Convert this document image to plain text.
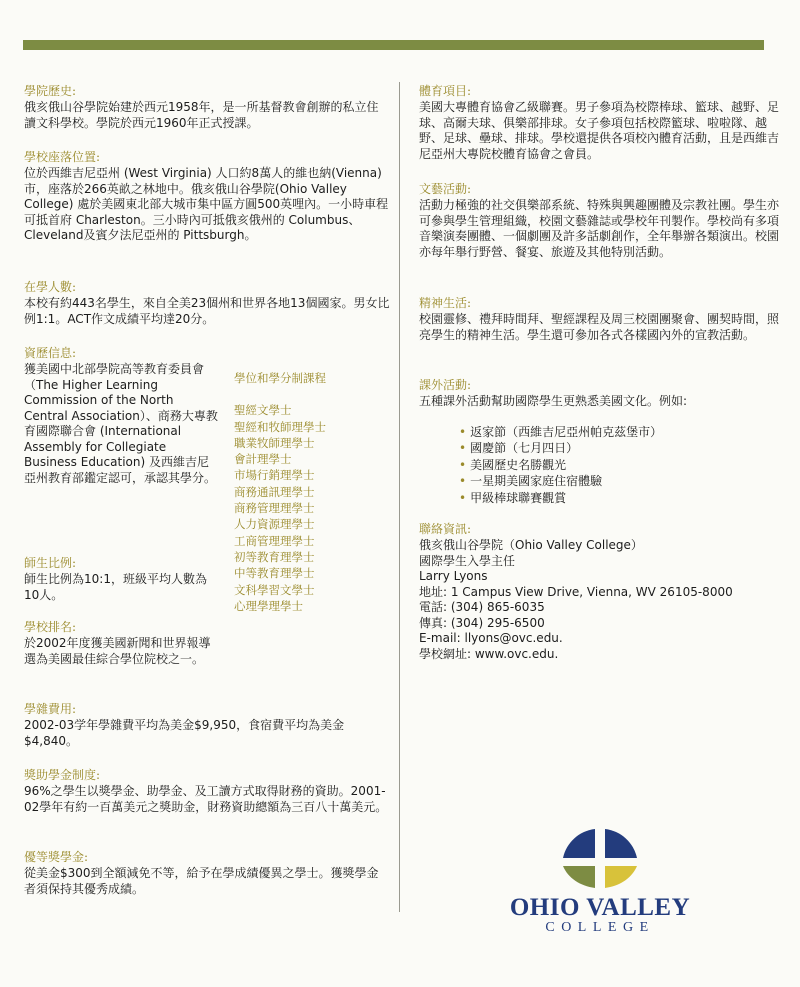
學院歷史:

俄亥俄山谷學院始建於西元1958年，是一所基督教會創辦的私立住讀文科學校。學院於西元1960年正式授課。

學校座落位置:

位於西維吉尼亞州 (West Virginia) 人口約8萬人的維也納(Vienna) 市，座落於266英畝之林地中。俄亥俄山谷學院(Ohio Valley College) 處於美國東北部大城市集中區方圓500英哩內。一小時車程可抵首府 Charleston。三小時內可抵俄亥俄州的 Columbus、Cleveland及賓夕法尼亞州的 Pittsburgh。

在學人數:

本校有約443名學生，來自全美23個州和世界各地13個國家。男女比例1:1。ACT作文成績平均達20分。

資歷信息:

獲美國中北部學院高等教育委員會（The Higher Learning Commission of the North Central Association）、商務大專教育國際聯合會 (International Assembly for Collegiate Business Education) 及西維吉尼亞州教育部鑑定認可，承認其學分。

學位和學分制課程
聖經文學士
聖經和牧師理學士
職業牧師理學士
會計理學士
市場行銷理學士
商務通訊理學士
商務管理理學士
人力資源理學士
工商管理理學士
初等教育理學士
中等教育理學士
文科學習文學士
心理學理學士
師生比例:

師生比例為10:1，班級平均人數為10人。

學校排名:

於2002年度獲美國新聞和世界報導選為美國最佳綜合學位院校之一。

學雜費用:

2002-03学年學雜費平均為美金$9,950，食宿費平均為美金$4,840。

獎助學金制度:

96%之學生以獎學金、助學金、及工讀方式取得財務的資助。2001-02學年有約一百萬美元之獎助金，財務資助總額為三百八十萬美元。

優等獎學金:

從美金$300到全額減免不等，給予在學成績優異之學士。獲獎學金者須保持其優秀成績。

體育項目:

美國大專體育協會乙級聯賽。男子參項為校際棒球、籃球、越野、足球、高爾夫球、俱樂部排球。女子參項包括校際籃球、啦啦隊、越野、足球、壘球、排球。學校還提供各項校內體育活動，且是西維吉尼亞州大專院校體育協會之會員。

文藝活動:

活動力極強的社交俱樂部系統、特殊與興趣團體及宗教社團。學生亦可參與學生管理組織，校園文藝雜誌或學校年刊製作。學校尚有多項音樂演奏團體、一個劇團及許多話劇創作，全年舉辦各類演出。校園亦每年舉行野營、餐宴、旅遊及其他特別活動。

精神生活:

校園靈修、禮拜時間拜、聖經課程及周三校園團聚會、團契時間，照亮學生的精神生活。學生還可參加各式各樣國內外的宣教活動。

課外活動:

五種課外活動幫助國際學生更熟悉美國文化。例如:

• 返家節（西維吉尼亞州帕克茲堡市）
• 國慶節（七月四日）
• 美國歷史名勝觀光
• 一星期美國家庭住宿體驗
• 甲級棒球聯賽觀賞
聯絡資訊:
俄亥俄山谷學院（Ohio Valley College）
國際學生入學主任
Larry Lyons
地址: 1 Campus View Drive, Vienna, WV 26105-8000
電話: (304) 865-6035
傳真: (304) 295-6500
E-mail: llyons@ovc.edu.
學校網址: www.ovc.edu.
OHIO VALLEY
COLLEGE
